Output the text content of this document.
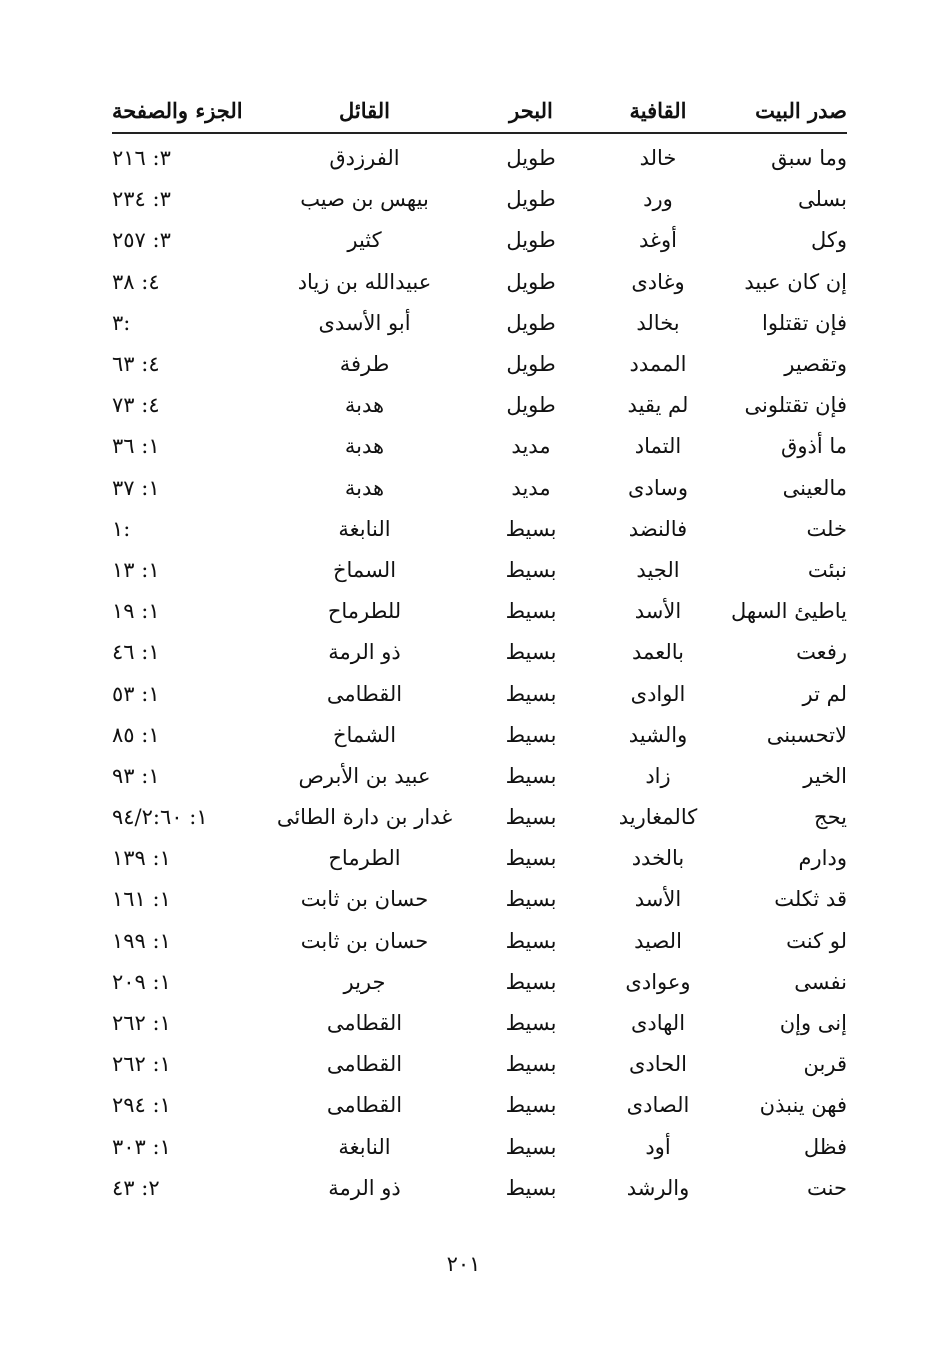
صدر البيت
القافية
البحر
القائل
الجزء والصفحة
وما سبق
خالد
طويل
الفرزدق
٣: ٢١٦
بسلى
ورد
طويل
بيهس بن صيب
٣: ٢٣٤
وكل
أوغد
طويل
كثير
٣: ٢٥٧
إن كان عبيد
وغادى
طويل
عبيدالله بن زياد
٤: ٣٨
فإن تقتلوا
بخالد
طويل
أبو الأسدى
٣:
وتقصير
الممدد
طويل
طرفة
٤: ٦٣
فإن تقتلونى
لم يقيد
طويل
هدبة
٤: ٧٣
ما أذوق
التماد
مديد
هدبة
١: ٣٦
مالعينى
وسادى
مديد
هدبة
١: ٣٧
خلت
فالنضد
بسيط
النابغة
١:
نبئت
الجيد
بسيط
السماخ
١: ١٣
ياطيئ السهل
الأسد
بسيط
للطرماح
١: ١٩
رفعت
بالعمد
بسيط
ذو الرمة
١: ٤٦
لم تر
الوادى
بسيط
القطامى
١: ٥٣
لاتحسبنى
والشيد
بسيط
الشماخ
١: ٨٥
الخير
زاد
بسيط
عبيد بن الأبرص
١: ٩٣
يحج
كالمغاريد
بسيط
غدار بن دارة الطائى
١: ٩٤/٢:٦٠
ودارم
بالخدد
بسيط
الطرماح
١: ١٣٩
قد ثكلت
الأسد
بسيط
حسان بن ثابت
١: ١٦١
لو كنت
الصيد
بسيط
حسان بن ثابت
١: ١٩٩
نفسى
وعوادى
بسيط
جرير
١: ٢٠٩
إنى وإن
الهادى
بسيط
القطامى
١: ٢٦٢
قربن
الحادى
بسيط
القطامى
١: ٢٦٢
فهن ينبذن
الصادى
بسيط
القطامى
١: ٢٩٤
فظل
أود
بسيط
النابغة
١: ٣٠٣
حنت
والرشد
بسيط
ذو الرمة
٢: ٤٣
٢٠١
